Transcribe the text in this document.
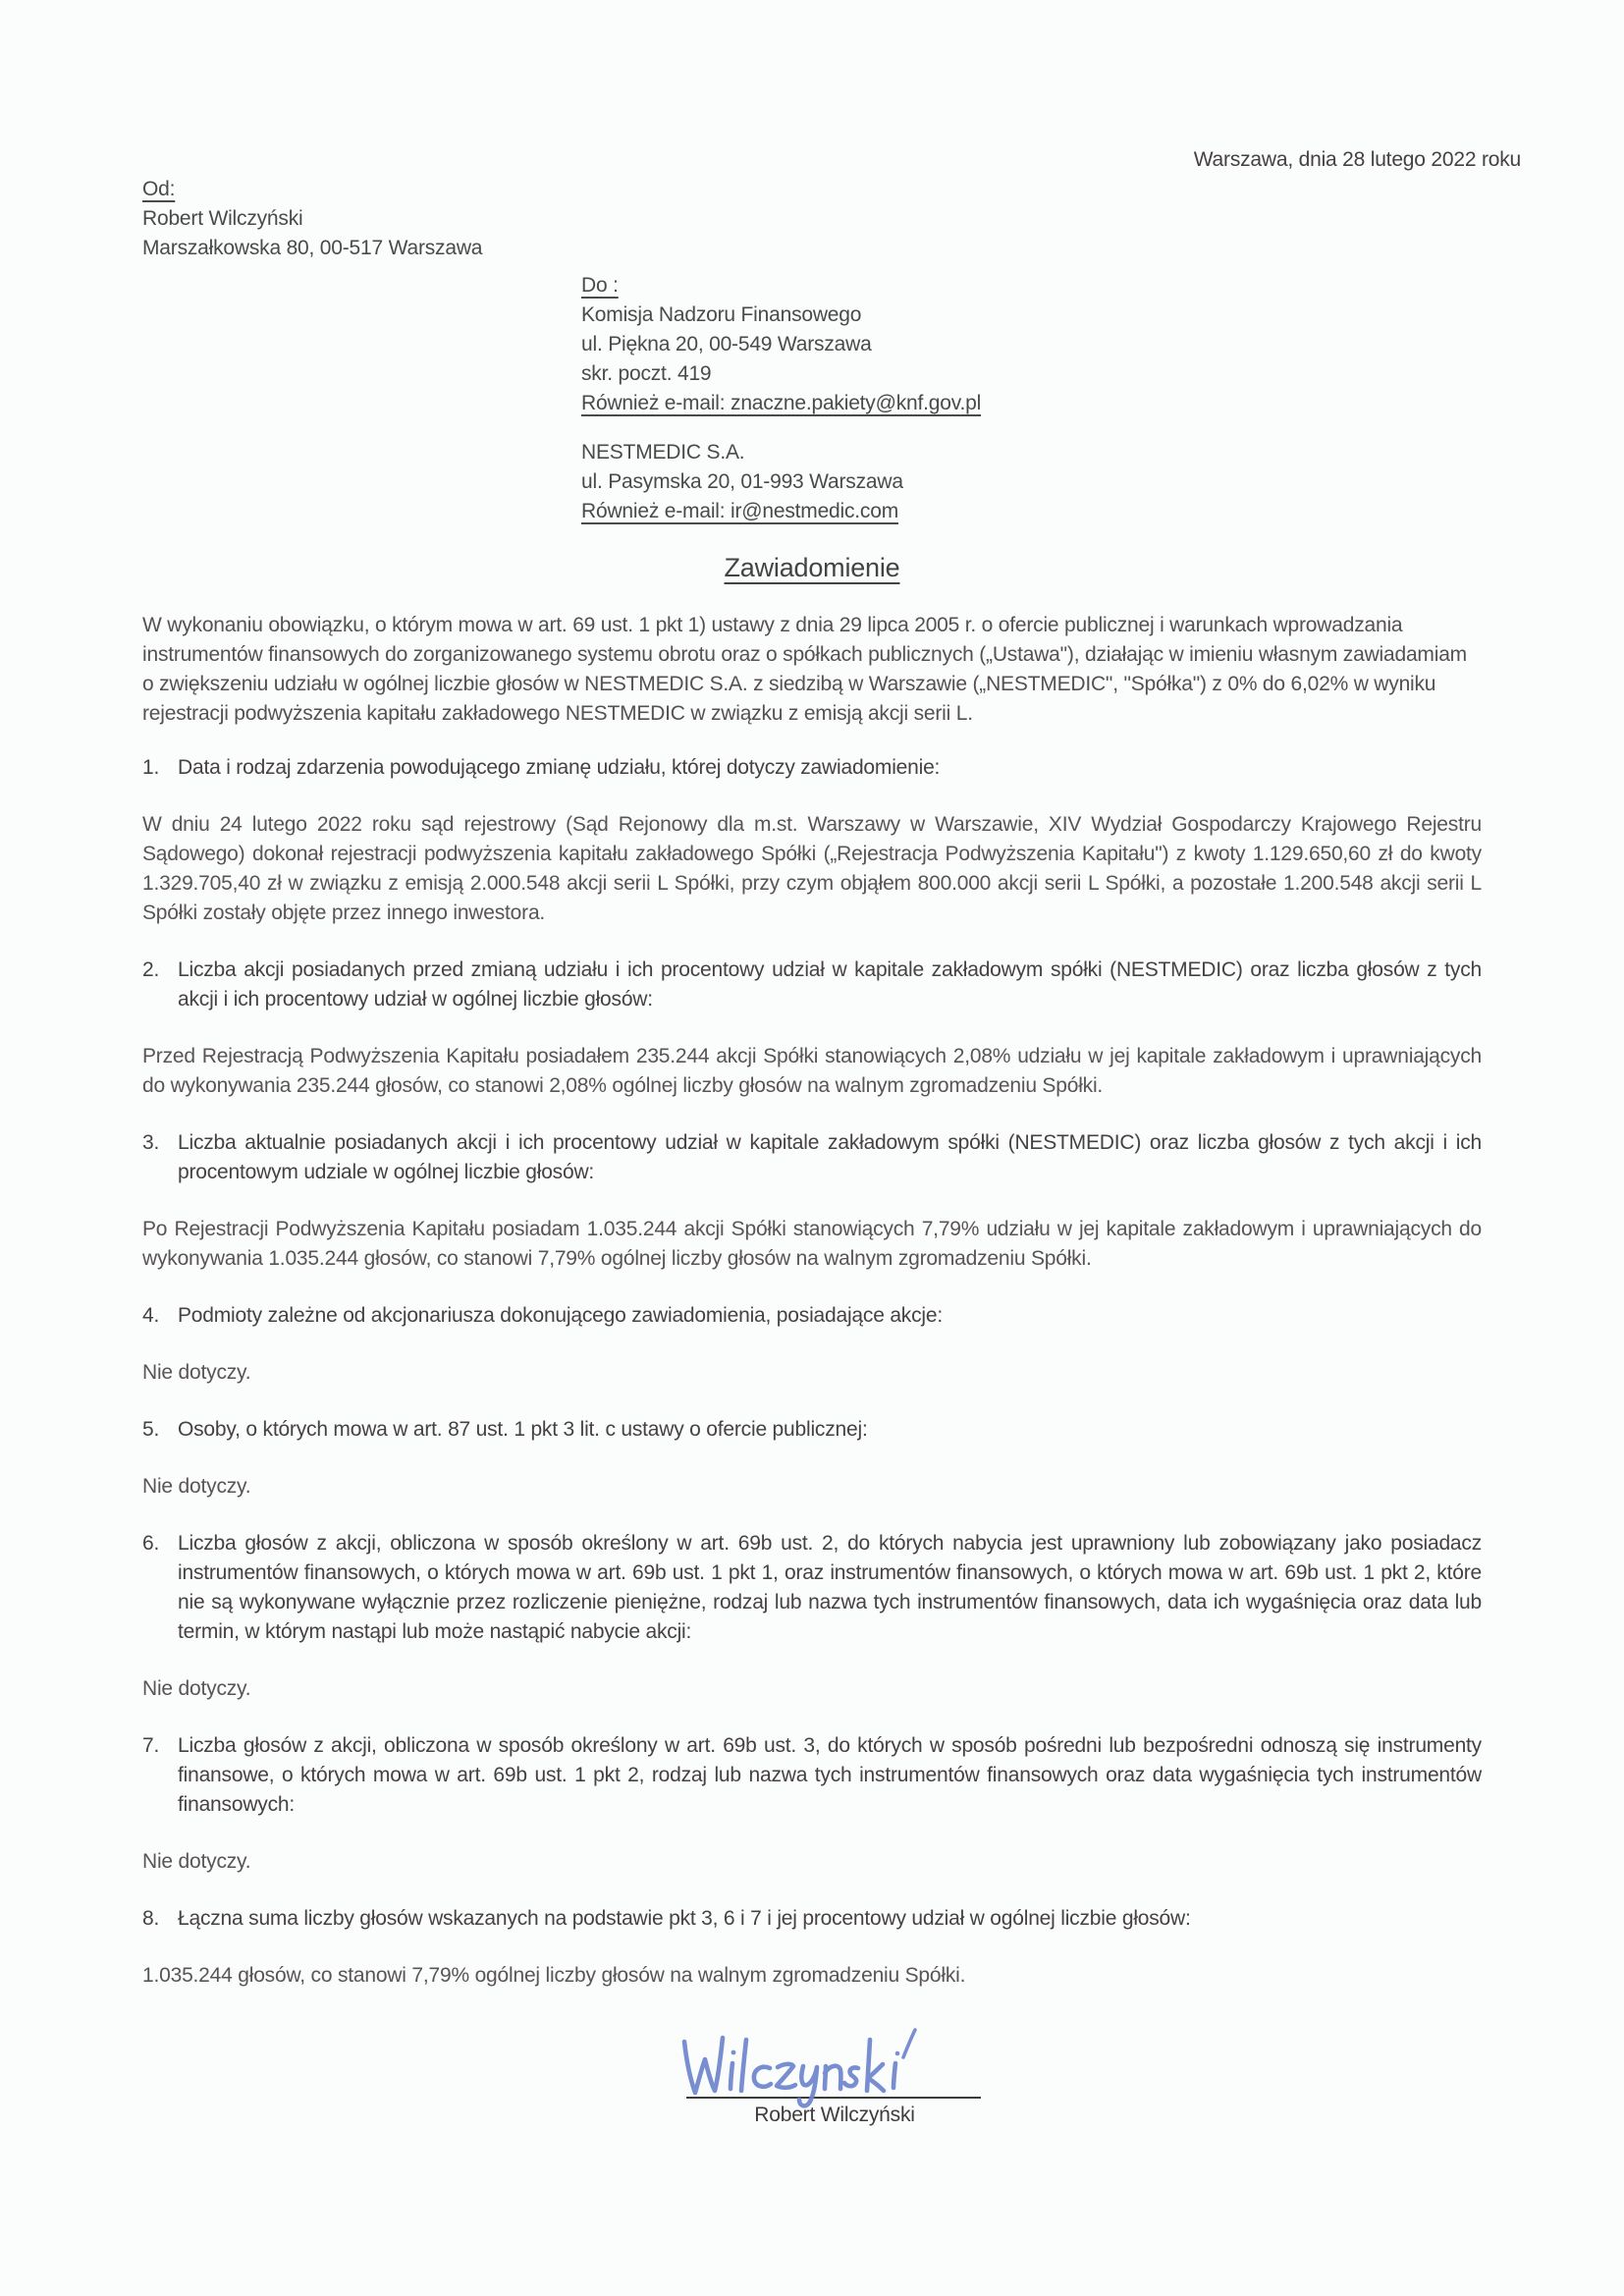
Warszawa, dnia 28 lutego 2022 roku
Od:
Robert Wilczyński
Marszałkowska 80, 00-517 Warszawa
Do :
Komisja Nadzoru Finansowego
ul. Piękna 20, 00-549 Warszawa
skr. poczt. 419
Również e-mail: znaczne.pakiety@knf.gov.pl
NESTMEDIC S.A.
ul. Pasymska 20, 01-993 Warszawa
Również e-mail: ir@nestmedic.com
Zawiadomienie

W wykonaniu obowiązku, o którym mowa w art. 69 ust. 1 pkt 1) ustawy z dnia 29 lipca 2005 r. o ofercie publicznej i warunkach wprowadzania instrumentów finansowych do zorganizowanego systemu obrotu oraz o spółkach publicznych („Ustawa"), działając w imieniu własnym zawiadamiam o zwiększeniu udziału w ogólnej liczbie głosów w NESTMEDIC S.A. z siedzibą w Warszawie („NESTMEDIC", "Spółka") z 0% do 6,02% w wyniku rejestracji podwyższenia kapitału zakładowego NESTMEDIC w związku z emisją akcji serii L.

1. Data i rodzaj zdarzenia powodującego zmianę udziału, której dotyczy zawiadomienie:

W dniu 24 lutego 2022 roku sąd rejestrowy (Sąd Rejonowy dla m.st. Warszawy w Warszawie, XIV Wydział Gospodarczy Krajowego Rejestru Sądowego) dokonał rejestracji podwyższenia kapitału zakładowego Spółki („Rejestracja Podwyższenia Kapitału") z kwoty 1.129.650,60 zł do kwoty 1.329.705,40 zł w związku z emisją 2.000.548 akcji serii L Spółki, przy czym objąłem 800.000 akcji serii L Spółki, a pozostałe 1.200.548 akcji serii L Spółki zostały objęte przez innego inwestora.

2. Liczba akcji posiadanych przed zmianą udziału i ich procentowy udział w kapitale zakładowym spółki (NESTMEDIC) oraz liczba głosów z tych akcji i ich procentowy udział w ogólnej liczbie głosów:

Przed Rejestracją Podwyższenia Kapitału posiadałem 235.244 akcji Spółki stanowiących 2,08% udziału w jej kapitale zakładowym i uprawniających do wykonywania 235.244 głosów, co stanowi 2,08% ogólnej liczby głosów na walnym zgromadzeniu Spółki.

3. Liczba aktualnie posiadanych akcji i ich procentowy udział w kapitale zakładowym spółki (NESTMEDIC) oraz liczba głosów z tych akcji i ich procentowym udziale w ogólnej liczbie głosów:

Po Rejestracji Podwyższenia Kapitału posiadam 1.035.244 akcji Spółki stanowiących 7,79% udziału w jej kapitale zakładowym i uprawniających do wykonywania 1.035.244 głosów, co stanowi 7,79% ogólnej liczby głosów na walnym zgromadzeniu Spółki.

4. Podmioty zależne od akcjonariusza dokonującego zawiadomienia, posiadające akcje:

Nie dotyczy.

5. Osoby, o których mowa w art. 87 ust. 1 pkt 3 lit. c ustawy o ofercie publicznej:

Nie dotyczy.

6. Liczba głosów z akcji, obliczona w sposób określony w art. 69b ust. 2, do których nabycia jest uprawniony lub zobowiązany jako posiadacz instrumentów finansowych, o których mowa w art. 69b ust. 1 pkt 1, oraz instrumentów finansowych, o których mowa w art. 69b ust. 1 pkt 2, które nie są wykonywane wyłącznie przez rozliczenie pieniężne, rodzaj lub nazwa tych instrumentów finansowych, data ich wygaśnięcia oraz data lub termin, w którym nastąpi lub może nastąpić nabycie akcji:

Nie dotyczy.

7. Liczba głosów z akcji, obliczona w sposób określony w art. 69b ust. 3, do których w sposób pośredni lub bezpośredni odnoszą się instrumenty finansowe, o których mowa w art. 69b ust. 1 pkt 2, rodzaj lub nazwa tych instrumentów finansowych oraz data wygaśnięcia tych instrumentów finansowych:

Nie dotyczy.

8. Łączna suma liczby głosów wskazanych na podstawie pkt 3, 6 i 7 i jej procentowy udział w ogólnej liczbie głosów:

1.035.244 głosów, co stanowi 7,79% ogólnej liczby głosów na walnym zgromadzeniu Spółki.

Robert Wilczyński
